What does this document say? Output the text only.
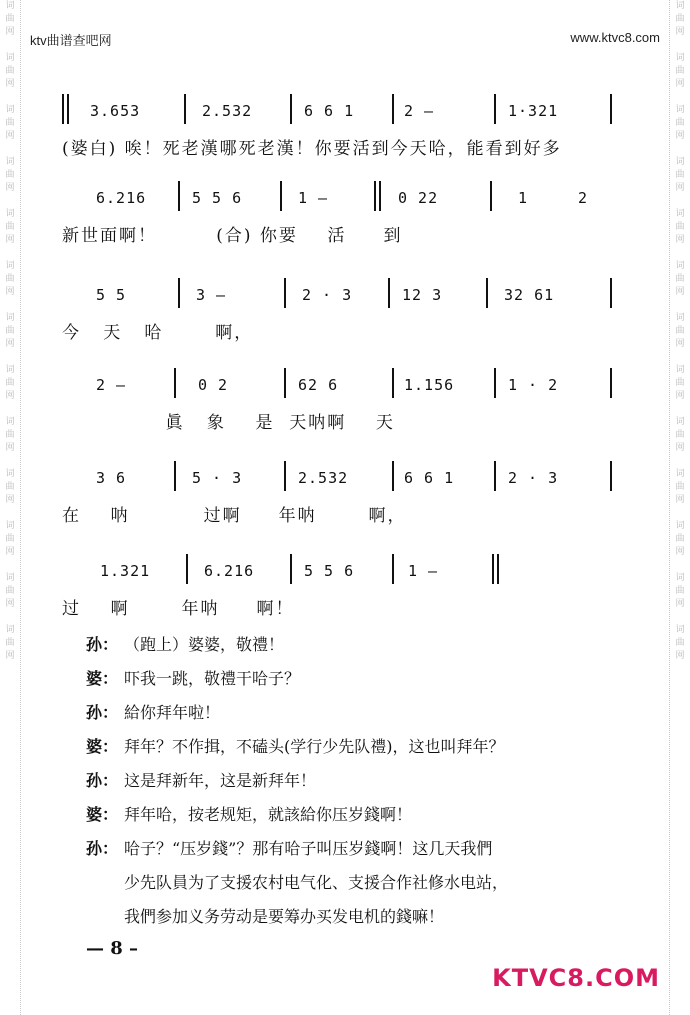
词
曲
网

词
曲
网

词
曲
网

词
曲
网

词
曲
网

词
曲
网

词
曲
网

词
曲
网

词
曲
网

词
曲
网

词
曲
网

词
曲
网

词
曲
网

词
曲
网

词
曲
网

词
曲
网

词
曲
网

词
曲
网

词
曲
网

词
曲
网

词
曲
网

词
曲
网

词
曲
网

词
曲
网

词
曲
网

词
曲
网

ktv曲谱查吧网	www.ktvc8.com
3.653	2.532	6 6 1	2 —	1·321
(婆白) 唉！死老漢哪死老漢！你要活到今天哈，能看到好多
6.216	5 5 6	1 —	0 22	1	2
新世面啊！        (合) 你要    活     到
5 5	3 —	2 · 3	12 3	32 61
今   天   哈       啊，
2 —	0 2	62 6	1.156	1 · 2
眞   象    是  天呐啊    天
3 6	5 · 3	2.532	6 6 1	2 · 3
在    呐          过啊     年呐       啊，
1.321	6.216	5 5 6	1 —
过    啊       年呐     啊！
孙： （跑上）婆婆，敬禮！
婆： 吓我一跳，敬禮干哈子？
孙： 給你拜年啦！
婆： 拜年？不作揖，不磕头(学行少先队禮)，这也叫拜年？
孙： 这是拜新年，这是新拜年！
婆： 拜年哈，按老规矩，就該給你压岁錢啊！
孙： 哈子？“压岁錢”？那有哈子叫压岁錢啊！这几天我們
少先队員为了支援农村电气化、支援合作社修水电站，
我們参加义务劳动是要筹办买发电机的錢嘛！
— 8 –
KTVC8.COM
